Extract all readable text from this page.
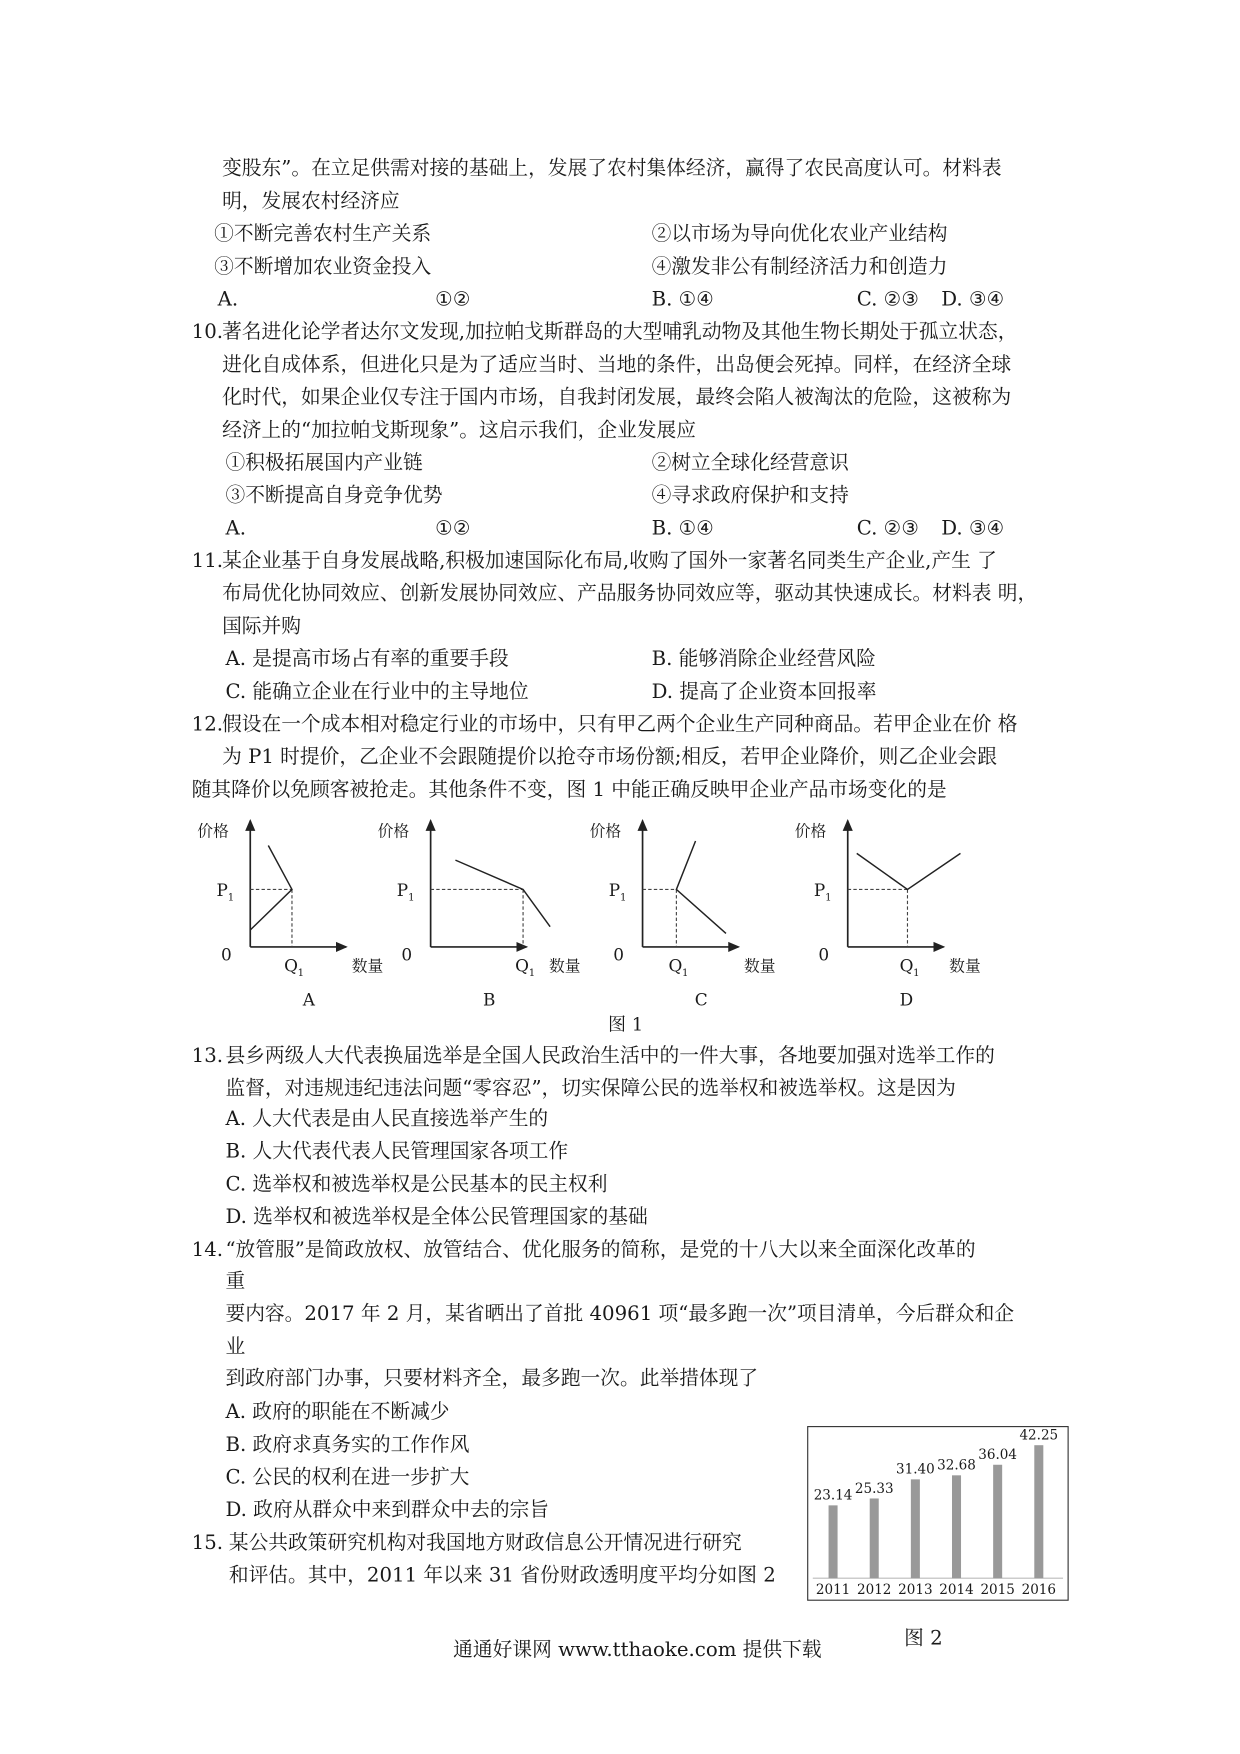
变股东”。在立足供需对接的基础上，发展了农村集体经济，赢得了农民高度认可。材料表
明，发展农村经济应
①不断完善农村生产关系	②以市场为导向优化农业产业结构
③不断增加农业资金投入	④激发非公有制经济活力和创造力
A.	①②	B. ①④	C. ②③ D. ③④
10. 著名进化论学者达尔文发现,加拉帕戈斯群岛的大型哺乳动物及其他生物长期处于孤立状态，
进化自成体系，但进化只是为了适应当时、当地的条件，出岛便会死掉。同样，在经济全球
化时代，如果企业仅专注于国内市场，自我封闭发展，最终会陷人被淘汰的危险，这被称为
经济上的“加拉帕戈斯现象”。这启示我们，企业发展应
①积极拓展国内产业链	②树立全球化经营意识
③不断提高自身竞争优势	④寻求政府保护和支持
A.	①②	B. ①④	C. ②③ D. ③④
11. 某企业基于自身发展战略,积极加速国际化布局,收购了国外一家著名同类生产企业,产生 了
布局优化协同效应、创新发展协同效应、产品服务协同效应等，驱动其快速成长。材料表 明，
国际并购
A. 是提高市场占有率的重要手段	B. 能够消除企业经营风险
C. 能确立企业在行业中的主导地位	D. 提高了企业资本回报率
12. 假设在一个成本相对稳定行业的市场中，只有甲乙两个企业生产同种商品。若甲企业在价 格
为 P1 时提价，乙企业不会跟随提价以抢夺市场份额;相反，若甲企业降价，则乙企业会跟
随其降价以免顾客被抢走。其他条件不变，图 1 中能正确反映甲企业产品市场变化的是
价格
P 1
0
Q 1	数量
A
价格
P 1
0
Q 1 数量
B
价格
P 1
0
Q 1	数量
C
价格
P 1
0
Q 1 数量
D
图 1
13. 县乡两级人大代表换届选举是全国人民政治生活中的一件大事，各地要加强对选举工作的
监督，对违规违纪违法问题“零容忍”，切实保障公民的选举权和被选举权。这是因为
A. 人大代表是由人民直接选举产生的
B. 人大代表代表人民管理国家各项工作
C. 选举权和被选举权是公民基本的民主权利
D. 选举权和被选举权是全体公民管理国家的基础
14. “放管服”是简政放权、放管结合、优化服务的简称，是党的十八大以来全面深化改革的
重
要内容。2017 年 2 月，某省晒出了首批 40961 项“最多跑一次”项目清单，今后群众和企
业
到政府部门办事，只要材料齐全，最多跑一次。此举措体现了
A. 政府的职能在不断减少
B. 政府求真务实的工作作风
C. 公民的权利在进一步扩大
D. 政府从群众中来到群众中去的宗旨
15. 某公共政策研究机构对我国地方财政信息公开情况进行研究
和评估。其中，2011 年以来 31 省份财政透明度平均分如图 2
23.14
2011
25.33
2012
31.40
2013
32.68
2014
36.04
2015
42.25
2016
图 2
通通好课网 www.tthaoke.com 提供下载
